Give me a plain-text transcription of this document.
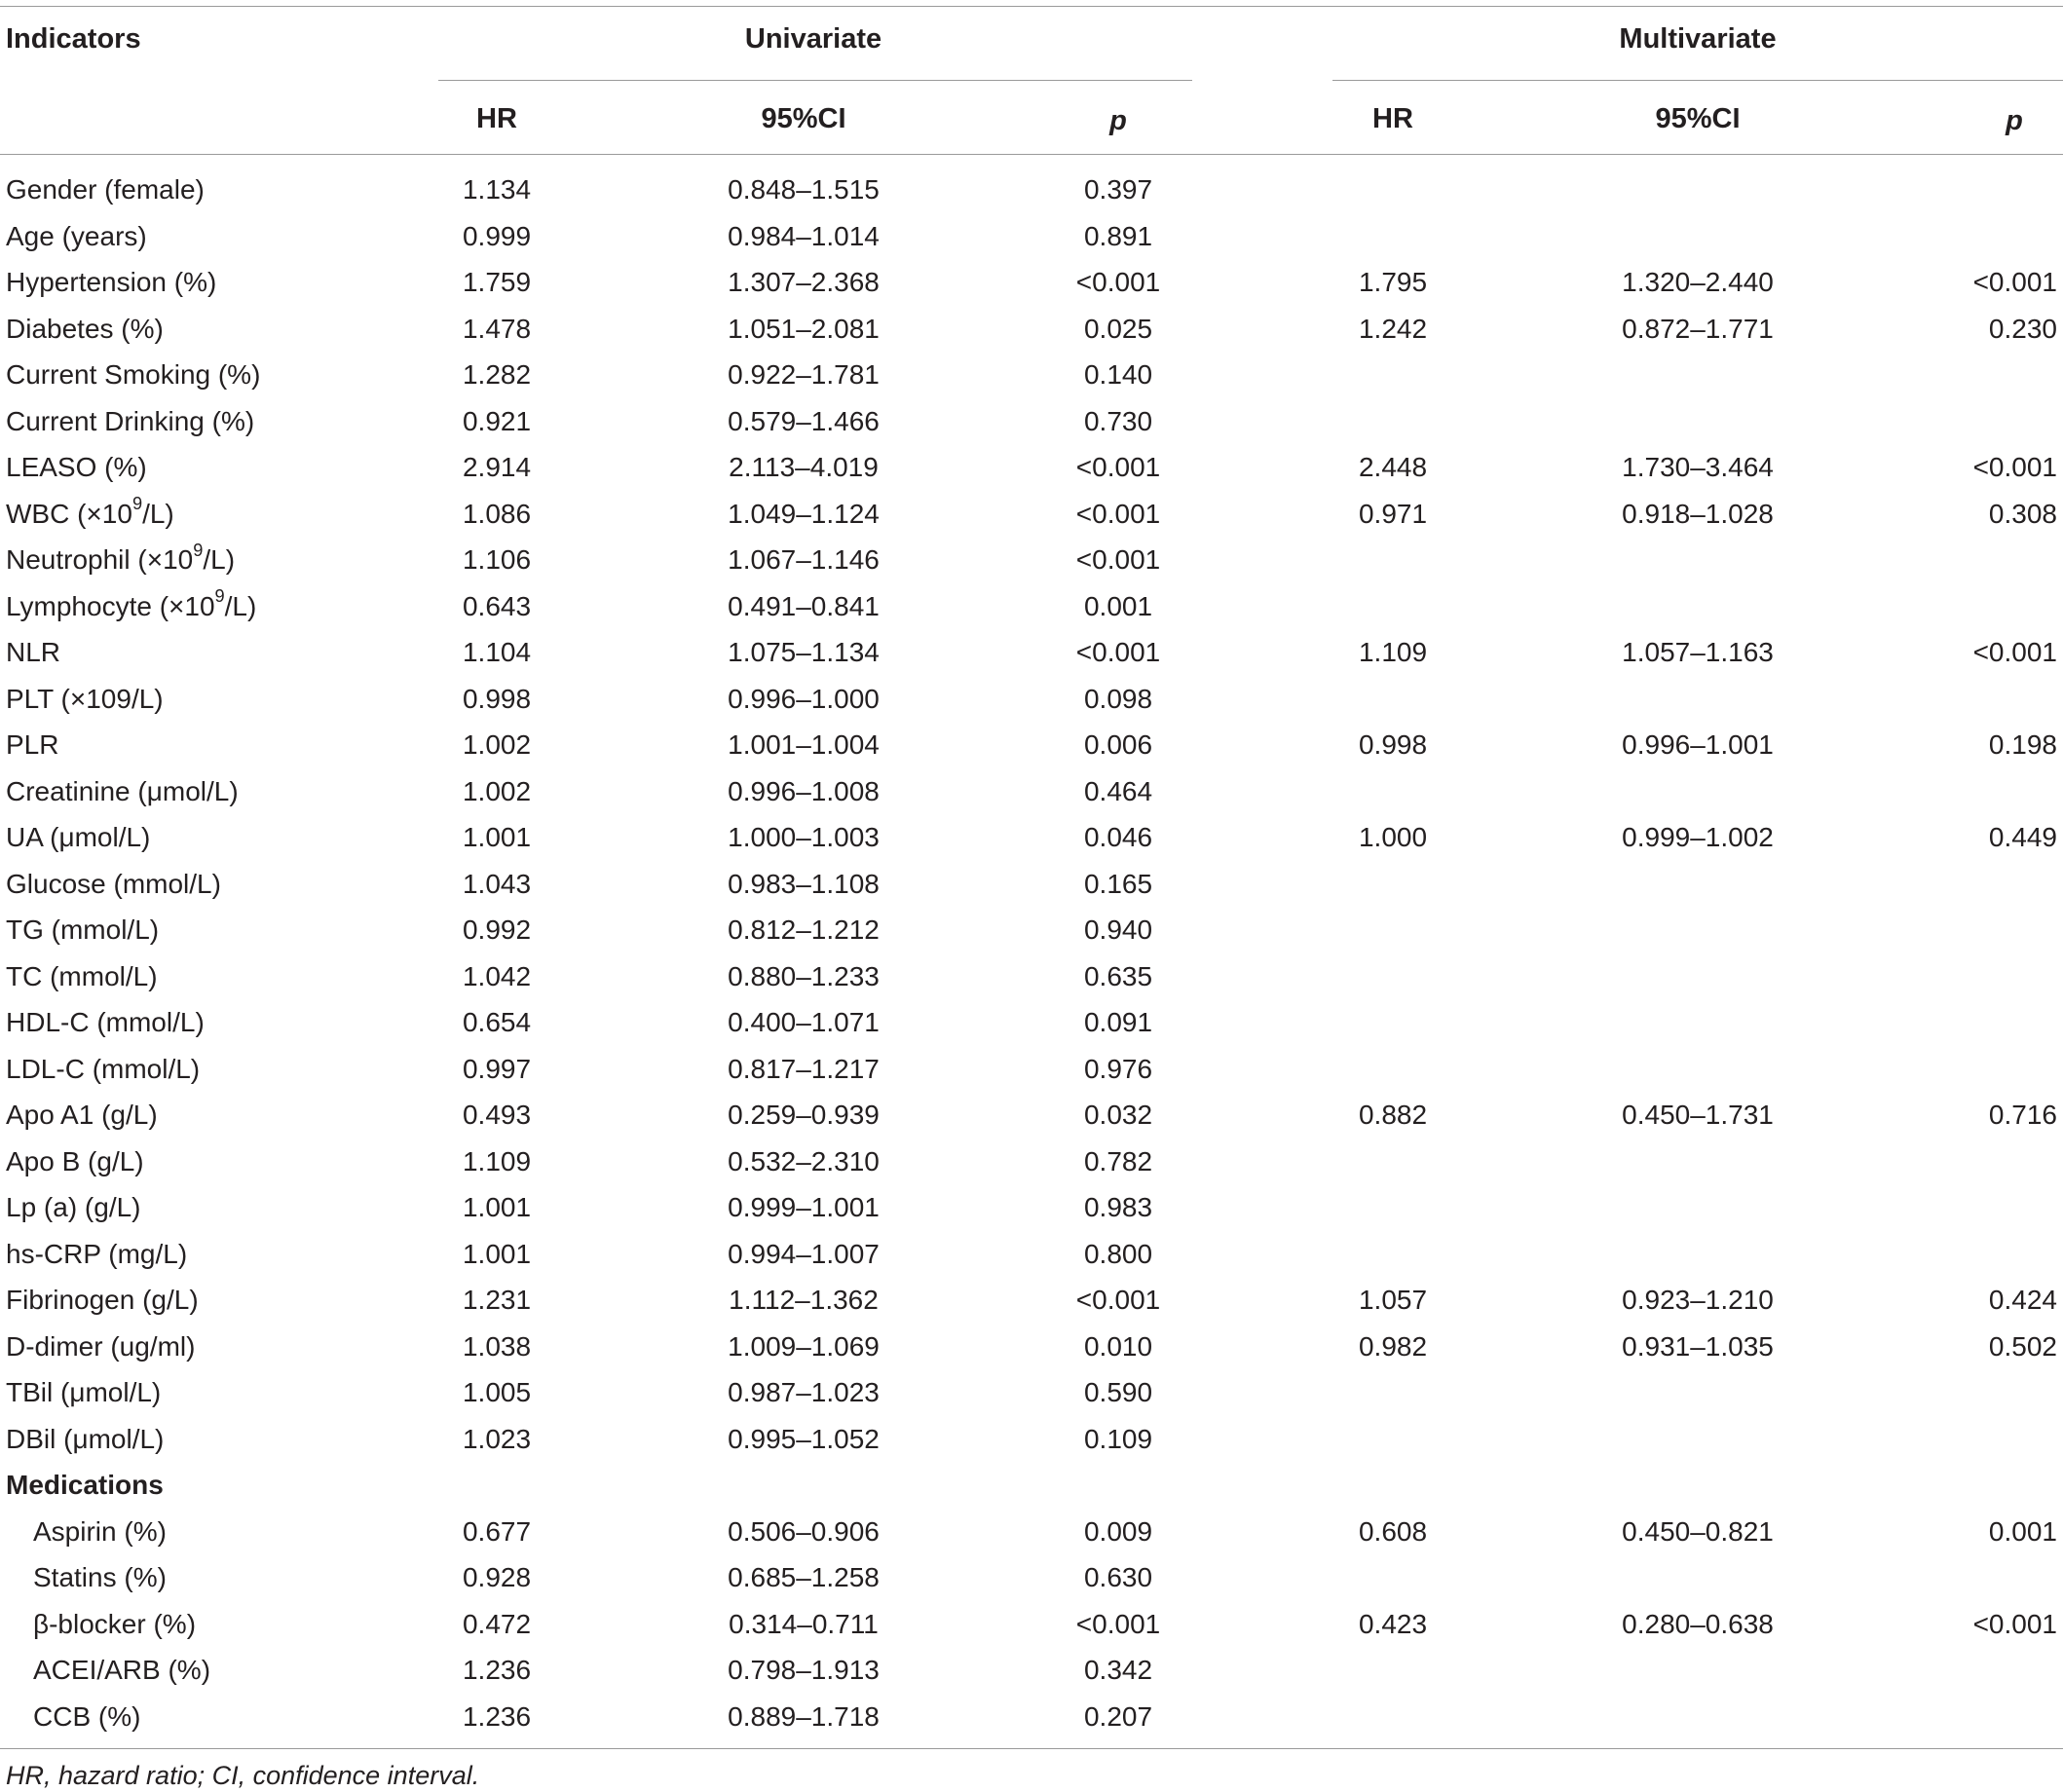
Indicators	Univariate	Multivariate
HR	95%CI	p	HR	95%CI	p
Gender (female)	1.134	0.848–1.515	0.397
Age (years)	0.999	0.984–1.014	0.891
Hypertension (%)	1.759	1.307–2.368	<0.001	1.795	1.320–2.440	<0.001
Diabetes (%)	1.478	1.051–2.081	0.025	1.242	0.872–1.771	0.230
Current Smoking (%)	1.282	0.922–1.781	0.140
Current Drinking (%)	0.921	0.579–1.466	0.730
LEASO (%)	2.914	2.113–4.019	<0.001	2.448	1.730–3.464	<0.001
WBC $(\times 10^9/L)$	1.086	1.049–1.124	<0.001	0.971	0.918–1.028	0.308
Neutrophil $(\times 10^9/L)$	1.106	1.067–1.146	<0.001
Lymphocyte $(\times 10^9/L)$	0.643	0.491–0.841	0.001
NLR	1.104	1.075–1.134	<0.001	1.109	1.057–1.163	<0.001
PLT (×109/L)	0.998	0.996–1.000	0.098
PLR	1.002	1.001–1.004	0.006	0.998	0.996–1.001	0.198
Creatinine (μmol/L)	1.002	0.996–1.008	0.464
UA (μmol/L)	1.001	1.000–1.003	0.046	1.000	0.999–1.002	0.449
Glucose (mmol/L)	1.043	0.983–1.108	0.165
TG (mmol/L)	0.992	0.812–1.212	0.940
TC (mmol/L)	1.042	0.880–1.233	0.635
HDL-C (mmol/L)	0.654	0.400–1.071	0.091
LDL-C (mmol/L)	0.997	0.817–1.217	0.976
Apo A1 (g/L)	0.493	0.259–0.939	0.032	0.882	0.450–1.731	0.716
Apo B (g/L)	1.109	0.532–2.310	0.782
Lp (a) (g/L)	1.001	0.999–1.001	0.983
hs-CRP (mg/L)	1.001	0.994–1.007	0.800
Fibrinogen (g/L)	1.231	1.112–1.362	<0.001	1.057	0.923–1.210	0.424
D-dimer (ug/ml)	1.038	1.009–1.069	0.010	0.982	0.931–1.035	0.502
TBil (μmol/L)	1.005	0.987–1.023	0.590
DBil (μmol/L)	1.023	0.995–1.052	0.109
Medications
Aspirin (%)	0.677	0.506–0.906	0.009	0.608	0.450–0.821	0.001
Statins (%)	0.928	0.685–1.258	0.630
β-blocker (%)	0.472	0.314–0.711	<0.001	0.423	0.280–0.638	<0.001
ACEI/ARB (%)	1.236	0.798–1.913	0.342
CCB (%)	1.236	0.889–1.718	0.207
HR, hazard ratio; CI, confidence interval.
